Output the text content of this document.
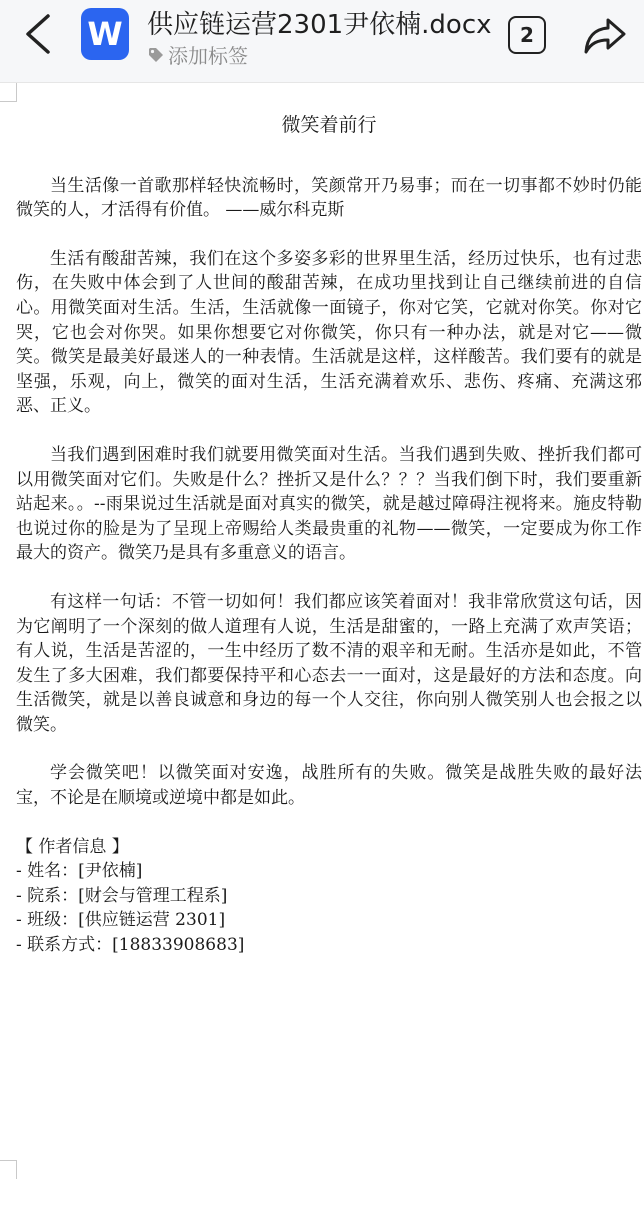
W 供应链运营2301尹依楠.docx
添加标签
2
微笑着前行

当生活像一首歌那样轻快流畅时，笑颜常开乃易事；而在一切事都不妙时仍能微笑的人，才活得有价值。 ——威尔科克斯

生活有酸甜苦辣，我们在这个多姿多彩的世界里生活，经历过快乐，也有过悲伤，在失败中体会到了人世间的酸甜苦辣，在成功里找到让自己继续前进的自信心。用微笑面对生活。生活，生活就像一面镜子，你对它笑，它就对你笑。你对它哭，它也会对你哭。如果你想要它对你微笑，你只有一种办法，就是对它——微笑。微笑是最美好最迷人的一种表情。生活就是这样，这样酸苦。我们要有的就是坚强，乐观，向上，微笑的面对生活，生活充满着欢乐、悲伤、疼痛、充满这邪恶、正义。

当我们遇到困难时我们就要用微笑面对生活。当我们遇到失败、挫折我们都可以用微笑面对它们。失败是什么？挫折又是什么？？？当我们倒下时，我们要重新站起来。。--雨果说过生活就是面对真实的微笑，就是越过障碍注视将来。施皮特勒也说过你的脸是为了呈现上帝赐给人类最贵重的礼物——微笑，一定要成为你工作最大的资产。微笑乃是具有多重意义的语言。

有这样一句话：不管一切如何！我们都应该笑着面对！我非常欣赏这句话，因为它阐明了一个深刻的做人道理有人说，生活是甜蜜的，一路上充满了欢声笑语；有人说，生活是苦涩的，一生中经历了数不清的艰辛和无耐。生活亦是如此，不管发生了多大困难，我们都要保持平和心态去一一面对，这是最好的方法和态度。向生活微笑，就是以善良诚意和身边的每一个人交往，你向别人微笑别人也会报之以微笑。

学会微笑吧！以微笑面对安逸，战胜所有的失败。微笑是战胜失败的最好法宝，不论是在顺境或逆境中都是如此。

【 作者信息 】

- 姓名：[尹依楠]

- 院系：[财会与管理工程系]

- 班级：[供应链运营 2301]

- 联系方式：[18833908683]
